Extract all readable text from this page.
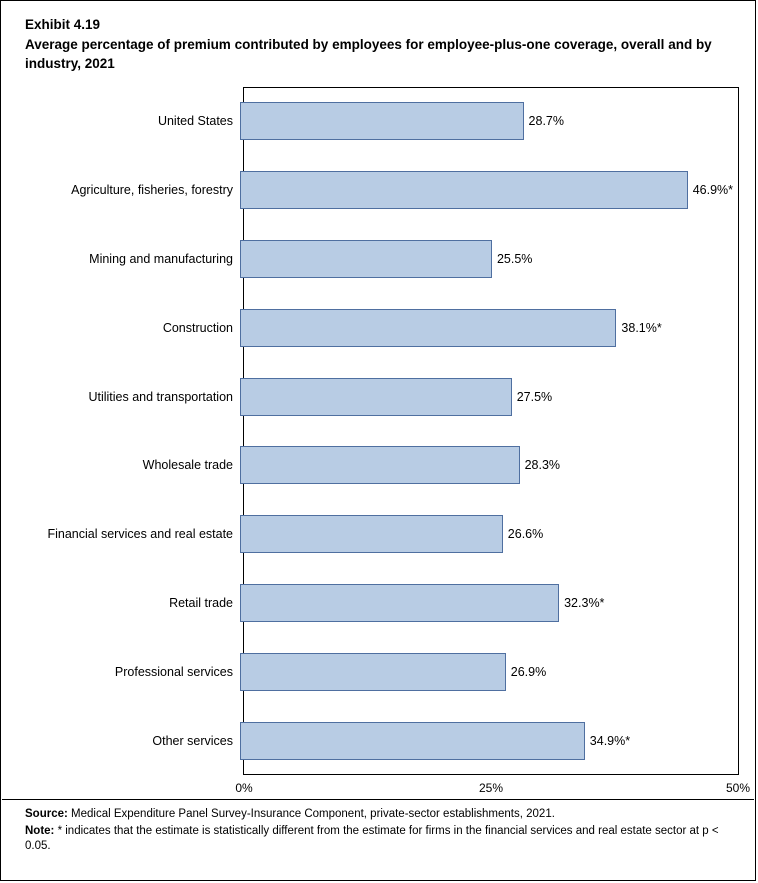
Exhibit 4.19
Average percentage of premium contributed by employees for employee-plus-one coverage, overall and by industry, 2021
United States	28.7%
Agriculture, fisheries, forestry	46.9%*
Mining and manufacturing	25.5%
Construction	38.1%*
Utilities and transportation	27.5%
Wholesale trade	28.3%
Financial services and real estate	26.6%
Retail trade	32.3%*
Professional services	26.9%
Other services	34.9%*
0%	25%	50%
Source: Medical Expenditure Panel Survey-Insurance Component, private-sector establishments, 2021.
Note: * indicates that the estimate is statistically different from the estimate for firms in the financial services and real estate sector at p < 0.05.
